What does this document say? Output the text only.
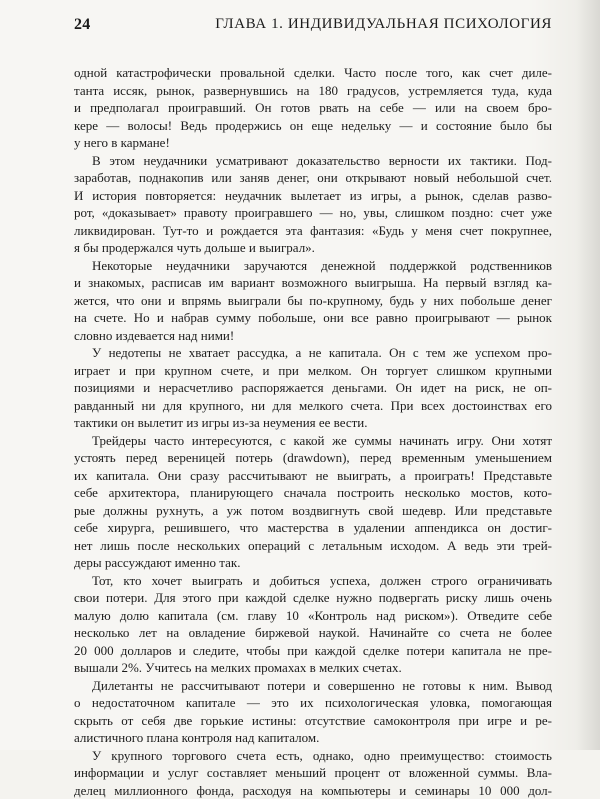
24	ГЛАВА 1. ИНДИВИДУАЛЬНАЯ ПСИХОЛОГИЯ
одной катастрофически провальной сделки. Часто после того, как счет диле-
танта иссяк, рынок, развернувшись на 180 градусов, устремляется туда, куда
и предполагал проигравший. Он готов рвать на себе — или на своем бро-
кере — волосы! Ведь продержись он еще недельку — и состояние было бы
у него в кармане!
В этом неудачники усматривают доказательство верности их тактики. Под-
заработав, поднакопив или заняв денег, они открывают новый небольшой счет.
И история повторяется: неудачник вылетает из игры, а рынок, сделав разво-
рот, «доказывает» правоту проигравшего — но, увы, слишком поздно: счет уже
ликвидирован. Тут-то и рождается эта фантазия: «Будь у меня счет покрупнее,
я бы продержался чуть дольше и выиграл».
Некоторые неудачники заручаются денежной поддержкой родственников
и знакомых, расписав им вариант возможного выигрыша. На первый взгляд ка-
жется, что они и впрямь выиграли бы по-крупному, будь у них побольше денег
на счете. Но и набрав сумму побольше, они все равно проигрывают — рынок
словно издевается над ними!
У недотепы не хватает рассудка, а не капитала. Он с тем же успехом про-
играет и при крупном счете, и при мелком. Он торгует слишком крупными
позициями и нерасчетливо распоряжается деньгами. Он идет на риск, не оп-
равданный ни для крупного, ни для мелкого счета. При всех достоинствах его
тактики он вылетит из игры из-за неумения ее вести.
Трейдеры часто интересуются, с какой же суммы начинать игру. Они хотят
устоять перед вереницей потерь (drawdown), перед временным уменьшением
их капитала. Они сразу рассчитывают не выиграть, а проиграть! Представьте
себе архитектора, планирующего сначала построить несколько мостов, кото-
рые должны рухнуть, а уж потом воздвигнуть свой шедевр. Или представьте
себе хирурга, решившего, что мастерства в удалении аппендикса он достиг-
нет лишь после нескольких операций с летальным исходом. А ведь эти трей-
деры рассуждают именно так.
Тот, кто хочет выиграть и добиться успеха, должен строго ограничивать
свои потери. Для этого при каждой сделке нужно подвергать риску лишь очень
малую долю капитала (см. главу 10 «Контроль над риском»). Отведите себе
несколько лет на овладение биржевой наукой. Начинайте со счета не более
20 000 долларов и следите, чтобы при каждой сделке потери капитала не пре-
вышали 2%. Учитесь на мелких промахах в мелких счетах.
Дилетанты не рассчитывают потери и совершенно не готовы к ним. Вывод
о недостаточном капитале — это их психологическая уловка, помогающая
скрыть от себя две горькие истины: отсутствие самоконтроля при игре и ре-
алистичного плана контроля над капиталом.
У крупного торгового счета есть, однако, одно преимущество: стоимость
информации и услуг составляет меньший процент от вложенной суммы. Вла-
делец миллионного фонда, расходуя на компьютеры и семинары 10 000 дол-
